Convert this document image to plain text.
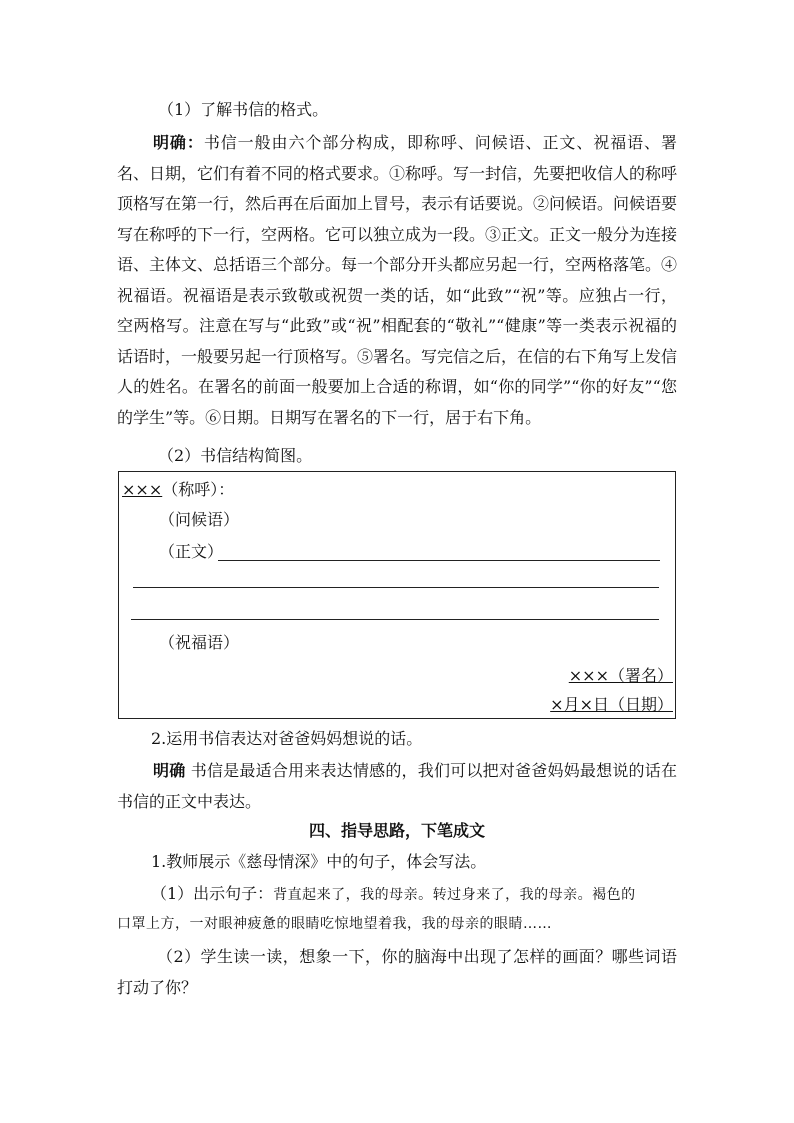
（1）了解书信的格式。
明确：书信一般由六个部分构成，即称呼、问候语、正文、祝福语、署名、日期，它们有着不同的格式要求。①称呼。写一封信，先要把收信人的称呼顶格写在第一行，然后再在后面加上冒号，表示有话要说。②问候语。问候语要写在称呼的下一行，空两格。它可以独立成为一段。③正文。正文一般分为连接语、主体文、总括语三个部分。每一个部分开头都应另起一行，空两格落笔。④祝福语。祝福语是表示致敬或祝贺一类的话，如“此致”“祝”等。应独占一行，空两格写。注意在写与“此致”或“祝”相配套的“敬礼”“健康”等一类表示祝福的话语时，一般要另起一行顶格写。⑤署名。写完信之后，在信的右下角写上发信人的姓名。在署名的前面一般要加上合适的称谓，如“你的同学”“你的好友”“您的学生”等。⑥日期。日期写在署名的下一行，居于右下角。
（2）书信结构简图。
×××（称呼）：
（问候语）
（正文）
（祝福语）
×××（署名）
×月×日（日期）
2.运用书信表达对爸爸妈妈想说的话。
明确 书信是最适合用来表达情感的，我们可以把对爸爸妈妈最想说的话在书信的正文中表达。
四、指导思路，下笔成文
1.教师展示《慈母情深》中的句子，体会写法。
（1）出示句子：背直起来了，我的母亲。转过身来了，我的母亲。褐色的
口罩上方，一对眼神疲惫的眼睛吃惊地望着我，我的母亲的眼睛……
（2）学生读一读，想象一下，你的脑海中出现了怎样的画面？哪些词语打动了你？
